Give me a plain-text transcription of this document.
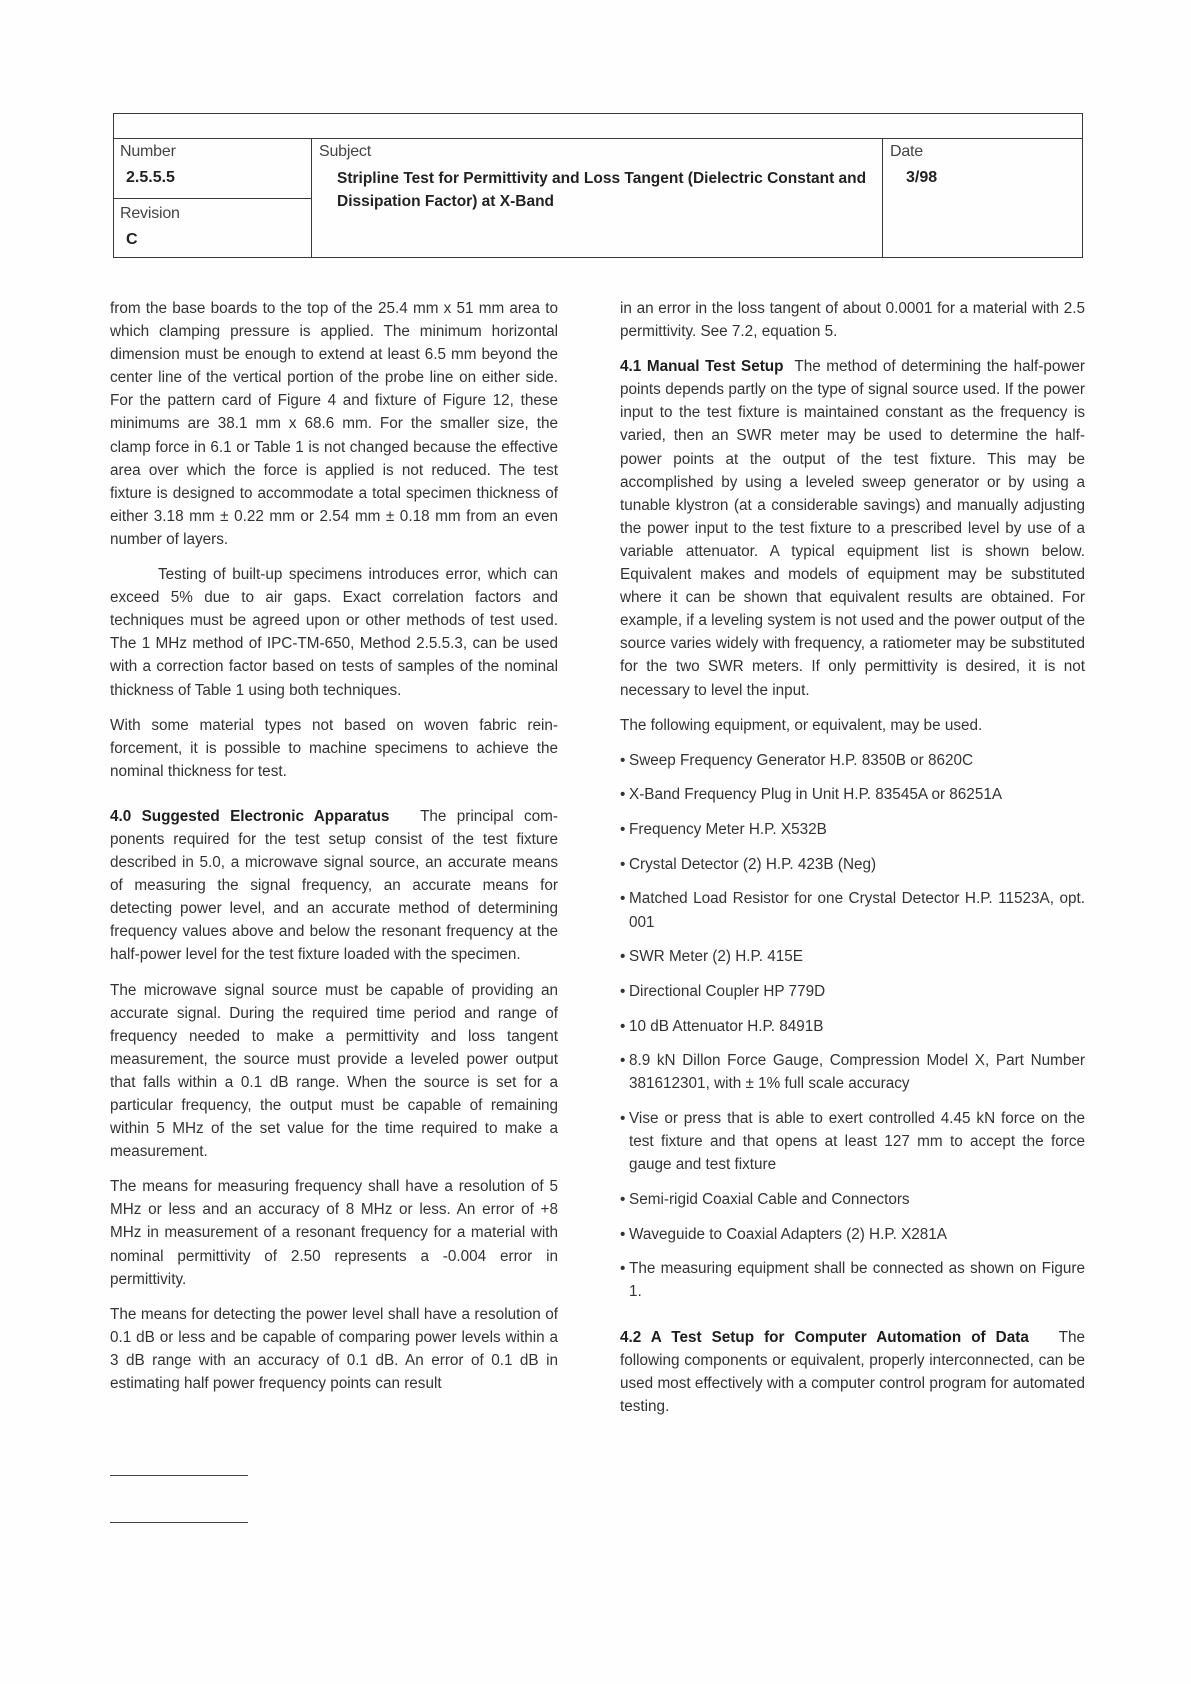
Number
2.5.5.5
Revision
C
Subject
Stripline Test for Permittivity and Loss Tangent (Dielectric Constant and Dissipation Factor) at X-Band
Date
3/98

from the base boards to the top of the 25.4 mm x 51 mm area to which clamping pressure is applied. The minimum horizontal dimension must be enough to extend at least 6.5 mm beyond the center line of the vertical portion of the probe line on either side. For the pattern card of Figure 4 and fixture of Figure 12, these minimums are 38.1 mm x 68.6 mm. For the smaller size, the clamp force in 6.1 or Table 1 is not changed because the effective area over which the force is applied is not reduced. The test fixture is designed to accommodate a total specimen thickness of either 3.18 mm ± 0.22 mm or 2.54 mm ± 0.18 mm from an even number of layers.

Testing of built-up specimens introduces error, which can exceed 5% due to air gaps. Exact correlation factors and techniques must be agreed upon or other methods of test used. The 1 MHz method of IPC-TM-650, Method 2.5.5.3, can be used with a correction factor based on tests of samples of the nominal thickness of Table 1 using both techniques.

With some material types not based on woven fabric reinforcement, it is possible to machine specimens to achieve the nominal thickness for test.

4.0 Suggested Electronic Apparatus The principal components required for the test setup consist of the test fixture described in 5.0, a microwave signal source, an accurate means of measuring the signal frequency, an accurate means for detecting power level, and an accurate method of determining frequency values above and below the resonant frequency at the half-power level for the test fixture loaded with the specimen.

The microwave signal source must be capable of providing an accurate signal. During the required time period and range of frequency needed to make a permittivity and loss tangent measurement, the source must provide a leveled power output that falls within a 0.1 dB range. When the source is set for a particular frequency, the output must be capable of remaining within 5 MHz of the set value for the time required to make a measurement.

The means for measuring frequency shall have a resolution of 5 MHz or less and an accuracy of 8 MHz or less. An error of +8 MHz in measurement of a resonant frequency for a material with nominal permittivity of 2.50 represents a -0.004 error in permittivity.

The means for detecting the power level shall have a resolution of 0.1 dB or less and be capable of comparing power levels within a 3 dB range with an accuracy of 0.1 dB. An error of 0.1 dB in estimating half power frequency points can result

in an error in the loss tangent of about 0.0001 for a material with 2.5 permittivity. See 7.2, equation 5.

4.1 Manual Test Setup The method of determining the half-power points depends partly on the type of signal source used. If the power input to the test fixture is maintained constant as the frequency is varied, then an SWR meter may be used to determine the half-power points at the output of the test fixture. This may be accomplished by using a leveled sweep generator or by using a tunable klystron (at a considerable savings) and manually adjusting the power input to the test fixture to a prescribed level by use of a variable attenuator. A typical equipment list is shown below. Equivalent makes and models of equipment may be substituted where it can be shown that equivalent results are obtained. For example, if a leveling system is not used and the power output of the source varies widely with frequency, a ratiometer may be substituted for the two SWR meters. If only permittivity is desired, it is not necessary to level the input.

The following equipment, or equivalent, may be used.

• Sweep Frequency Generator H.P. 8350B or 8620C
• X-Band Frequency Plug in Unit H.P. 83545A or 86251A
• Frequency Meter H.P. X532B
• Crystal Detector (2) H.P. 423B (Neg)
• Matched Load Resistor for one Crystal Detector H.P. 11523A, opt. 001
• SWR Meter (2) H.P. 415E
• Directional Coupler HP 779D
• 10 dB Attenuator H.P. 8491B
• 8.9 kN Dillon Force Gauge, Compression Model X, Part Number 381612301, with ± 1% full scale accuracy
• Vise or press that is able to exert controlled 4.45 kN force on the test fixture and that opens at least 127 mm to accept the force gauge and test fixture
• Semi-rigid Coaxial Cable and Connectors
• Waveguide to Coaxial Adapters (2) H.P. X281A
• The measuring equipment shall be connected as shown on Figure 1.

4.2 A Test Setup for Computer Automation of Data The following components or equivalent, properly interconnected, can be used most effectively with a computer control program for automated testing.
